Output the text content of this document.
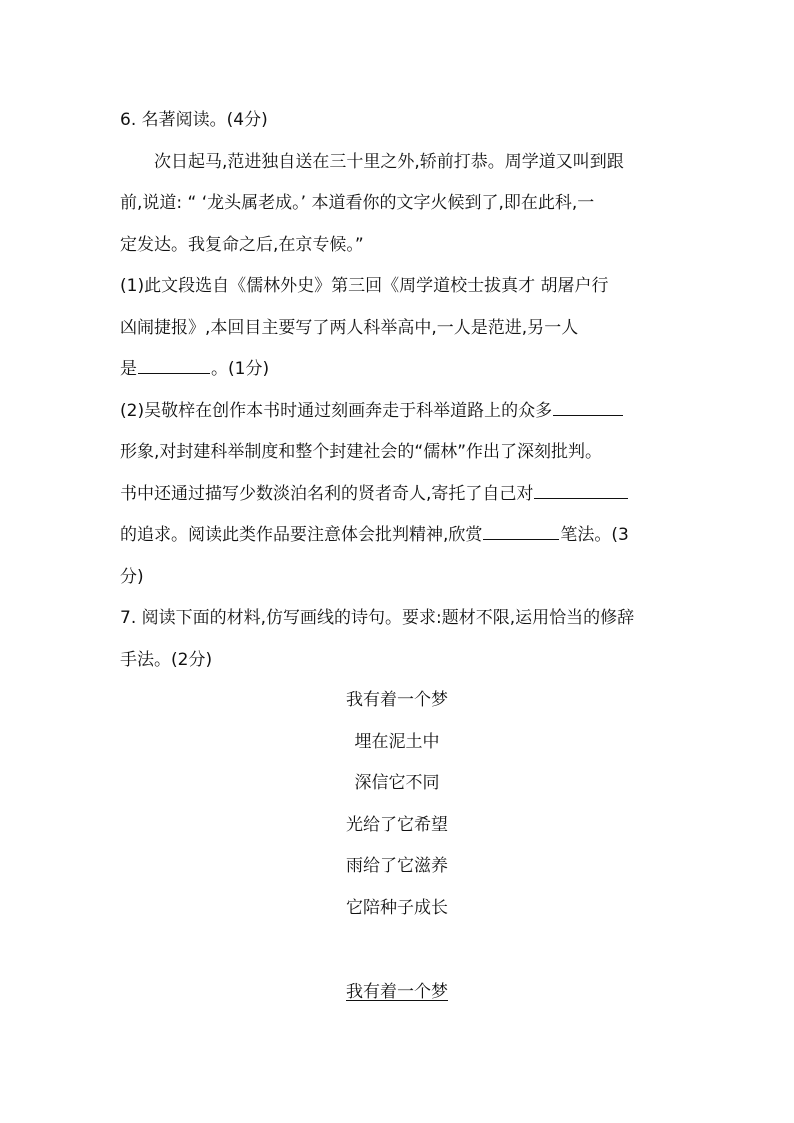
6. 名著阅读。(4分)
次日起马,范进独自送在三十里之外,轿前打恭。周学道又叫到跟
前,说道: “ ‘龙头属老成。’ 本道看你的文字火候到了,即在此科,一
定发达。我复命之后,在京专候。”
(1)此文段选自《儒林外史》第三回《周学道校士拔真才 胡屠户行
凶闹捷报》,本回目主要写了两人科举高中,一人是范进,另一人
是	。(1分)
(2)吴敬梓在创作本书时通过刻画奔走于科举道路上的众多
形象,对封建科举制度和整个封建社会的“儒林”作出了深刻批判。
书中还通过描写少数淡泊名利的贤者奇人,寄托了自己对
的追求。阅读此类作品要注意体会批判精神,欣赏	笔法。(3
分)
7. 阅读下面的材料,仿写画线的诗句。要求:题材不限,运用恰当的修辞
手法。(2分)
我有着一个梦
埋在泥土中
深信它不同
光给了它希望
雨给了它滋养
它陪种子成长
我有着一个梦
